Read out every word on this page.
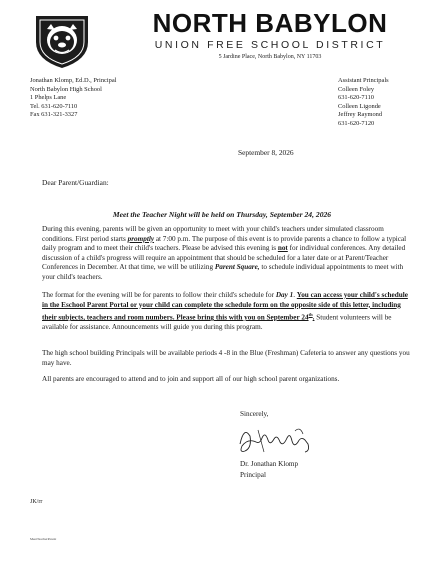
NORTH BABYLON
UNION FREE SCHOOL DISTRICT
5 Jardine Place, North Babylon, NY 11703
Jonathan Klomp, Ed.D., Principal
North Babylon High School
1 Phelps Lane
Tel. 631-620-7110
Fax 631-321-3327
Assistant Principals
Colleen Foley
631-620-7110
Colleen Ligonde
Jeffrey Raymond
631-620-7120
September 8, 2026
Dear Parent/Guardian:
Meet the Teacher Night will be held on Thursday, September 24, 2026
During this evening, parents will be given an opportunity to meet with your child's teachers under simulated classroom conditions. First period starts promptly at 7:00 p.m. The purpose of this event is to provide parents a chance to follow a typical daily program and to meet their child's teachers. Please be advised this evening is not for individual conferences. Any detailed discussion of a child's progress will require an appointment that should be scheduled for a later date or at Parent/Teacher Conferences in December. At that time, we will be utilizing Parent Square, to schedule individual appointments to meet with your child's teachers.
The format for the evening will be for parents to follow their child's schedule for Day 1. You can access your child's schedule in the Eschool Parent Portal or your child can complete the schedule form on the opposite side of this letter, including their subjects, teachers and room numbers. Please bring this with you on September 24th. Student volunteers will be available for assistance. Announcements will guide you during this program.
The high school building Principals will be available periods 4 -8 in the Blue (Freshman) Cafeteria to answer any questions you may have.
All parents are encouraged to attend and to join and support all of our high school parent organizations.
Sincerely,
Dr. Jonathan Klomp
Principal
JK/rr
MeetTeacherParent
